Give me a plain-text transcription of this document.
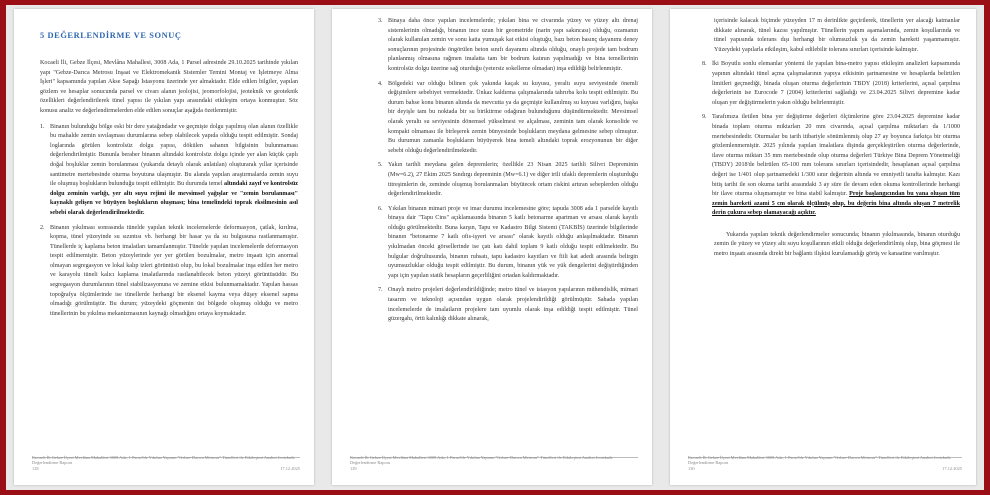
5 DEĞERLENDİRME VE SONUÇ

Kocaeli İli, Gebze İlçesi, Mevlâna Mahallesi, 3008 Ada, 1 Parsel adresinde 29.10.2025 tarihinde yıkılan yapı "Gebze-Darıca Metrosu İnşaat ve Elektromekanik Sistemler Temini Montaj ve İşletmeye Alma İşleri" kapsamında yapılan Akse Sapağı İstasyonu üzerinde yer almaktadır. Elde edilen bilgiler, yapılan gözlem ve hesaplar sonucunda parsel ve civarı alanın jeolojisi, jeomorfolojisi, jeoteknik ve geoteknik özellikleri değerlendirilerek tünel yapısı ile yıkılan yapı arasındaki etkileşim ortaya konmuştur. Söz konusu analiz ve değerlendirmelerden elde edilen sonuçlar aşağıda özetlenmiştir.

1. Binanın bulunduğu bölge eski bir dere yatağındadır ve geçmişte dolgu yapılmış olan alanın özellikle bu mahalde zemin sıvılaşması durumlarına sebep olabilecek yapıda olduğu tespit edilmiştir. Sondaj loglarında görülen kontrolsüz dolgu yapısı, dökülen sahanın bilgisinin bulunmaması değerlendirilmiştir. Bununla beraber binanın altındaki kontrolsüz dolgu içinde yer alan küçük çaplı doğal boşluklar zemin borulanması (yukarıda detaylı olarak anlatılan) oluşturarak yıllar içerisinde santimetre mertebesinde oturma boyutuna ulaşmıştır. Bu alanda yapılan araştırmalarda zemin suyu ile oluşmuş boşlukların bulunduğu tespit edilmiştir. Bu durumda temel altındaki zayıf ve kontrolsüz dolgu zeminin varlığı, yer altı suyu rejimi ile mevsimsel yağışlar ve "zemin borulanması" kaynaklı gelişen ve büyüyen boşlukların oluşması; bina temelindeki toprak eksilmesinin asıl sebebi olarak değerlendirilmektedir.

2. Binanın yıkılması sonrasında tünelde yapılan teknik incelemelerde deformasyon, çatlak, kırılma, kopma, tünel yüzeyinde su sızıntısı vb. herhangi bir hasar ya da su bulgusuna rastlanmamıştır. Tünellerde iç kaplama beton imalatları tamamlanmıştır. Tünelde yapılan incelemelerde deformasyon tespit edilmemiştir. Beton yüzeylerinde yer yer görülen bozulmalar, metro inşaatı için anormal olmayan segregasyon ve lokal kalıp izleri görüntüsü olup, bu lokal bozulmalar inşa edilen her metro ve karayolu tüneli kalıcı kaplama imalatlarında rastlanabilecek beton yüzeyi görüntüsüdür. Bu segregasyon durumlarının tünel stabilizasyonuna ve zemine etkisi bulunmamaktadır. Yapılan hassas topoğrafya ölçümlerinde ise tünellerde herhangi bir eksenel kayma veya düşey eksenel sapma olmadığı görülmüştür. Bu durum; yüzeydeki göçmenin üst bölgede oluşmuş olduğu ve metro tünellerinin bu yıkılma mekanizmasının kaynağı olmadığını ortaya koymaktadır.

Kocaeli İli Gebze İlçesi Mevlâna Mahallesi 3008 Ada, 1 Parsel'de Yıkılan Yapının "Gebze-Darıca Metrosu" Tünelleri ile Etkileşimi Analizi Jeoteknik Değerlendirme Raporu
128	17.12.2025
3. Binaya daha önce yapılan incelemelerde; yıkılan bina ve civarında yüzey ve yüzey altı drenaj sistemlerinin olmadığı, binanın ince uzun bir geometride (narin yapı sakıncası) olduğu, ozamanın olarak kullanılan zemin ve sonu katta yumuşak kat etkisi oluştuğu, bazı beton basınç dayanımı deney sonuçlarının projesinde öngörülen beton sınıfı dayanımı altında olduğu, onaylı projede tam bodrum planlanmış olmasına rağmen imalatta tam bir bodrum katının yapılmadığı ve bina temellerinin kontrolsüz dolgu üzerine sağ oturduğu (yetersiz sokelleme olmadan) inşa edildiği belirlenmiştir.

4. Bölgedeki var olduğu bilinen çok yakında kaçak su kuyusu, yeraltı suyu seviyesinde önemli değişimlere sebebiyet vermektedir. Ünkaz kaldırma çalışmalarında tahrırba kolu tespit edilmiştir. Bu durum bahse konu binanın altında da mevcutta ya da geçmişte kullanılmış su kuyusu varlığını, başka bir deyişle tam bu noktada bir su biriktirme odağının bulunduğunu düşündürmektedir. Mevsimsel olarak yeraltı su seviyesinin dönemsel yükselmesi ve alçalması, zeminin tam olarak konsolide ve kompakt olmaması ile birleşerek zemin bünyesinde boşlukların meydana gelmesine sebep olmuştur. Bu durumun zamanla boşlukların büyüyerek bina temeli altındaki toprak erozyonunun bir diğer sebebi olduğu değerlendirilmektedir.

5. Yakın tarihli meydana gelen depremlerin; özellikle 23 Nisan 2025 tarihli Silivri Depreminin (Mw=6.2), 27 Ekim 2025 Sındırgı depreminin (Mw=6.1) ve diğer irili ufaklı depremlerin oluşturduğu titreşimlerin de, zeminde oluşmuş borulanmaları büyütecek ortam riskini artıran sebeplerden olduğu değerlendirilmektedir.

6. Yıkılan binanın mimari proje ve imar durumu incelemesine göre; tapuda 3008 ada 1 parselde kayıtlı binaya dair "Tapu Cins" açıklamasında binanın 5 katlı betonarme apartman ve arsası olarak kayıtlı olduğu görülmektedir. Buna karşın, Tapu ve Kadastro Bilgi Sistemi (TAKBİS) üzerinde bilgilerinde binanın "betonarme 7 katlı ofis-işyeri ve arsası" olarak kayıtlı olduğu anlaşılmaktadır. Binanın yıkılmadan önceki görsellerinde ise çatı katı dahil toplam 9 katlı olduğu tespit edilmektedir. Bu bulgular doğrultusunda, binanın ruhsatı, tapu kadastro kayıtları ve fiili kat adedi arasında belirgin uyumsuzluklar olduğu tespit edilmiştir. Bu durum, binanın yük ve yük dengelerini değiştirdiğinden yapı için yapılan statik hesapların geçerliliğini ortadan kaldırmaktadır.

7. Onaylı metro projeleri değerlendirildiğinde; metro tünel ve istasyon yapılarının mühendislik, mimari tasarım ve teknoloji açısından uygun olarak projelendirildiği görülmüştür. Sahada yapılan incelemelerde de imalatların projelere tam uyumlu olarak inşa edildiği tespit edilmiştir. Tünel güzergahı, örtü kalınlığı dikkate alınarak,

Kocaeli İli Gebze İlçesi Mevlâna Mahallesi 3008 Ada, 1 Parsel'de Yıkılan Yapının "Gebze-Darıca Metrosu" Tünelleri ile Etkileşimi Analizi Jeoteknik Değerlendirme Raporu
129

içerisinde kalacak biçimde yüzeyden 17 m derinlikte geçirilerek, tünellerin yer alacağı katmanlar dikkate alınarak, tünel kazısı yapılmıştır. Tünellerin yapım aşamalarında, zemin koşullarında ve tünel yapısında tolerans dışı herhangi bir olumsuzluk ya da zemin hareketi yaşanmamıştır. Yüzeydeki yapılarla etkileşim, kabul edilebilir tolerans sınırları içerisinde kalmıştır.

8. İki Boyutlu sonlu elemanlar yöntemi ile yapılan bina-metro yapısı etkileşim analizleri kapsamında yapının altındaki tünel açma çalışmalarının yapıya etkisinin şartnamesine ve hesaplarda belirtilen limitleri geçmediği, binada oluşan oturma değerlerinin TBDY (2018) kriterlerini, açısal çarpılma değerlerinin ise Eurocode 7 (2004) kriterlerini sağladığı ve 23.04.2025 Silivri depremine kadar oluşan yer değiştirmelerin yakın olduğu belirlenmiştir.

9. Tarafımıza iletilen bina yer değiştirme değerleri ölçümlerine göre 23.04.2025 depremine kadar binada toplam oturma miktarları 20 mm civarında, açısal çarpılma miktarları da 1/1000 mertebesindedir. Oturmalar bu tarih itibariyle sönümlenmiş olup 27 ay boyunca farkıtça bir oturma gözlemlenmemiştir. 2025 yılında yapılan imalatlara dişinda gerçekleştirilen oturma değerlerinde, ilave oturma miktarı 35 mm mertebesinde olup oturma değerleri Türkiye Bina Deprem Yönetmeliği (TBDY) 2018'de belirtilen 65-100 mm tolerans sınırları içerisindedir, hesaplanan açısal çarpılma değeri ise 1/401 olup şartnamedeki 1/300 sınır değerinin altında ve emniyetli tarafta kalmıştır. Kazı bitiş tarihi ile son okuma tarihi arasındaki 3 ay süre ile devam eden okuma kontrollerinde herhangi bir ilave oturma oluşmamıştır ve bina stabil kalmıştır. Proje başlangıcından bu yana oluşan tüm zemin hareketi azami 5 cm olarak ölçülmüş olup, bu değerin bina altında oluşan 7 metrelik derin çukura sebep olamayacağı açıktır.

Yukarıda yapılan teknik değerlendirmeler sonucunda; binanın yıkılmasında, binanın oturduğu zemin ile yüzey ve yüzey altı suyu koşullarının etkili olduğu değerlendirilmiş olup, bina göçmesi ile metro inşaatı arasında direkt bir bağlantı ilişkisi kurulamadığı görüş ve kanaatine varılmıştır.

Kocaeli İli Gebze İlçesi Mevlâna Mahallesi 3008 Ada, 1 Parsel'de Yıkılan Yapının "Gebze-Darıca Metrosu" Tünelleri ile Etkileşimi Analizi Jeoteknik Değerlendirme Raporu
130	17.12.2025
